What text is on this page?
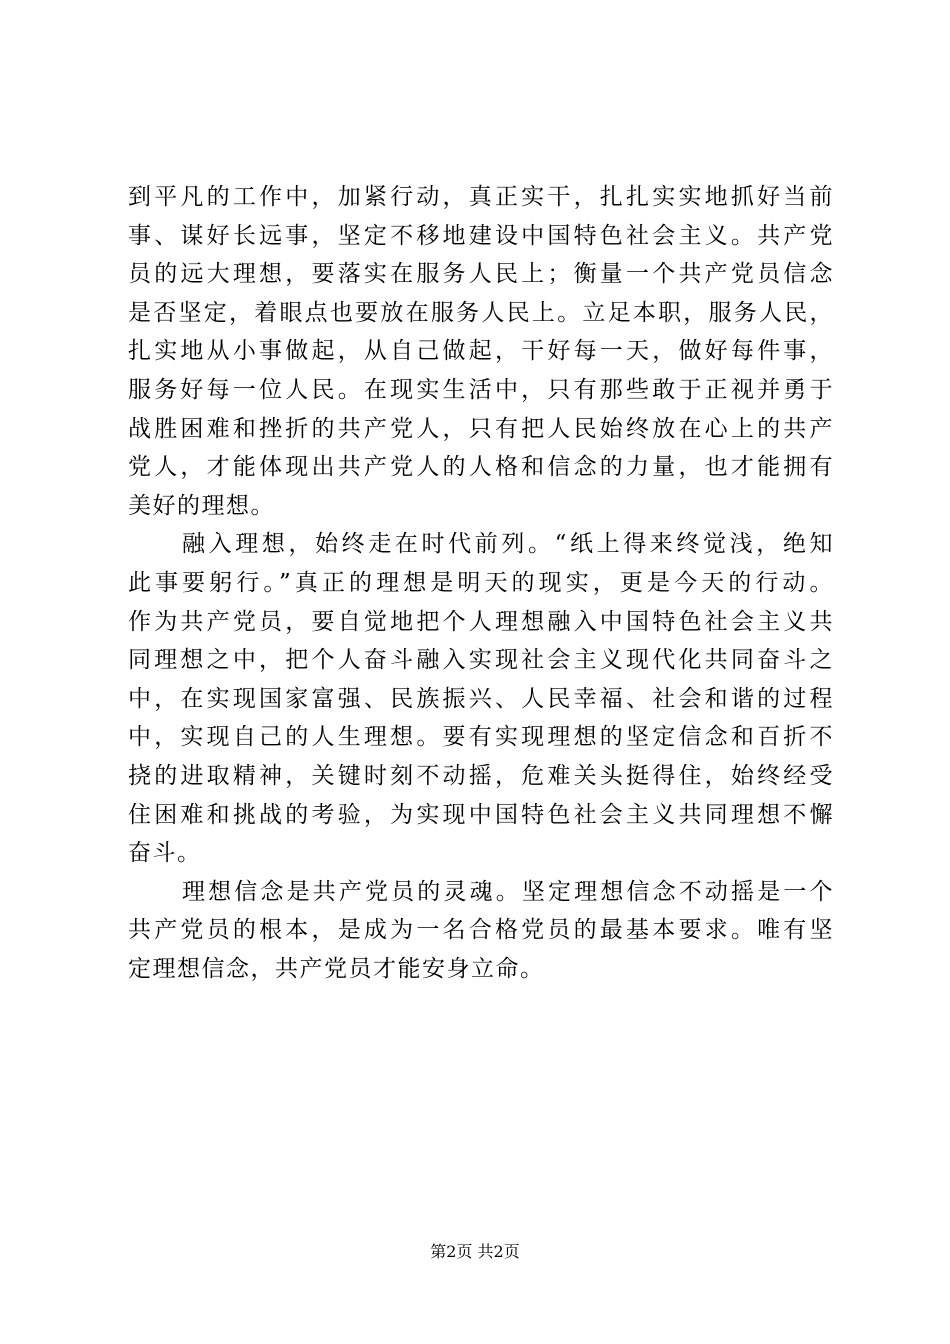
到平凡的工作中，加紧行动，真正实干，扎扎实实地抓好当前
事、谋好长远事，坚定不移地建设中国特色社会主义。共产党
员的远大理想，要落实在服务人民上；衡量一个共产党员信念
是否坚定，着眼点也要放在服务人民上。立足本职，服务人民，
扎实地从小事做起，从自己做起，干好每一天，做好每件事，
服务好每一位人民。在现实生活中，只有那些敢于正视并勇于
战胜困难和挫折的共产党人，只有把人民始终放在心上的共产
党人，才能体现出共产党人的人格和信念的力量，也才能拥有
美好的理想。
融入理想，始终走在时代前列。“纸上得来终觉浅，绝知
此事要躬行。”真正的理想是明天的现实，更是今天的行动。
作为共产党员，要自觉地把个人理想融入中国特色社会主义共
同理想之中，把个人奋斗融入实现社会主义现代化共同奋斗之
中，在实现国家富强、民族振兴、人民幸福、社会和谐的过程
中，实现自己的人生理想。要有实现理想的坚定信念和百折不
挠的进取精神，关键时刻不动摇，危难关头挺得住，始终经受
住困难和挑战的考验，为实现中国特色社会主义共同理想不懈
奋斗。
理想信念是共产党员的灵魂。坚定理想信念不动摇是一个
共产党员的根本，是成为一名合格党员的最基本要求。唯有坚
定理想信念，共产党员才能安身立命。
第2页 共2页
